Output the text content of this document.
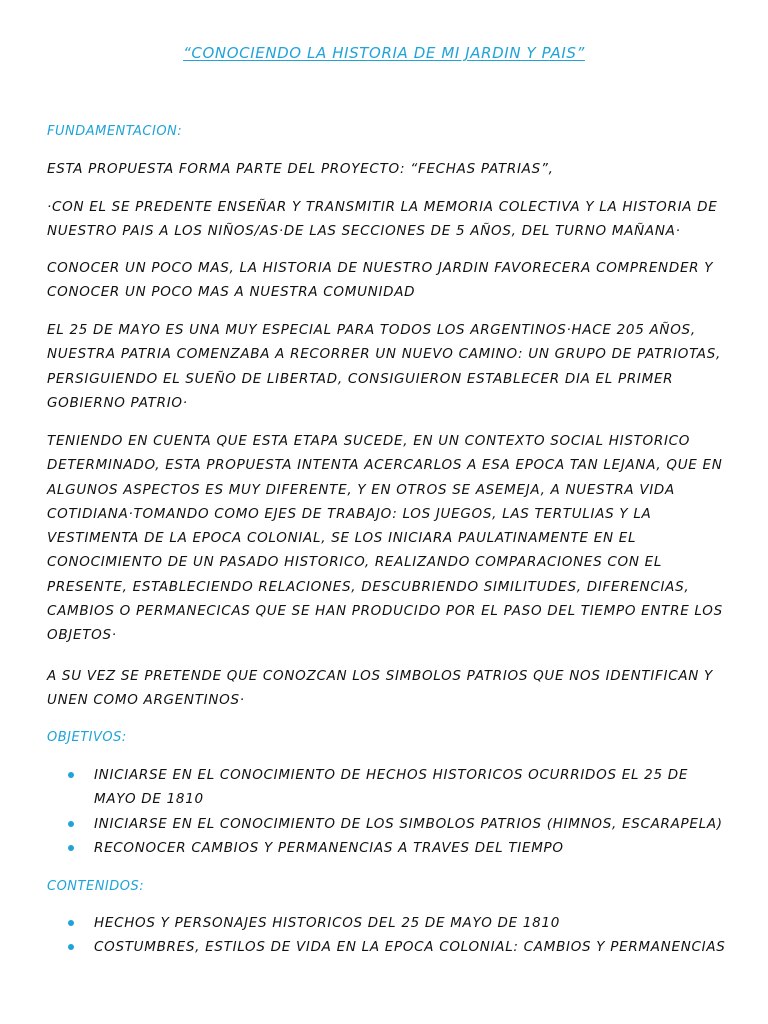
“CONOCIENDO LA HISTORIA DE MI JARDIN Y PAIS”
FUNDAMENTACION:
ESTA PROPUESTA FORMA PARTE DEL PROYECTO: “FECHAS PATRIAS”,
·CON EL SE PREDENTE ENSEÑAR Y TRANSMITIR LA MEMORIA COLECTIVA Y LA HISTORIA DE NUESTRO PAIS A LOS NIÑOS/AS·DE LAS SECCIONES DE 5 AÑOS, DEL TURNO MAÑANA·
CONOCER UN POCO MAS, LA HISTORIA DE NUESTRO JARDIN FAVORECERA COMPRENDER Y CONOCER UN POCO MAS A NUESTRA COMUNIDAD
EL 25 DE MAYO ES UNA MUY ESPECIAL PARA TODOS LOS ARGENTINOS·HACE 205 AÑOS, NUESTRA PATRIA COMENZABA A RECORRER UN NUEVO CAMINO: UN GRUPO DE PATRIOTAS, PERSIGUIENDO EL SUEÑO DE LIBERTAD, CONSIGUIERON ESTABLECER DIA EL PRIMER GOBIERNO PATRIO·
TENIENDO EN CUENTA QUE ESTA ETAPA SUCEDE, EN UN CONTEXTO SOCIAL HISTORICO DETERMINADO, ESTA PROPUESTA INTENTA ACERCARLOS A ESA EPOCA TAN LEJANA, QUE EN ALGUNOS ASPECTOS ES MUY DIFERENTE, Y EN OTROS SE ASEMEJA, A NUESTRA VIDA COTIDIANA·TOMANDO COMO EJES DE TRABAJO: LOS JUEGOS, LAS TERTULIAS Y LA VESTIMENTA DE LA EPOCA COLONIAL, SE LOS INICIARA PAULATINAMENTE EN EL CONOCIMIENTO DE UN PASADO HISTORICO, REALIZANDO COMPARACIONES CON EL PRESENTE, ESTABLECIENDO RELACIONES, DESCUBRIENDO SIMILITUDES, DIFERENCIAS, CAMBIOS O PERMANECICAS QUE SE HAN PRODUCIDO POR EL PASO DEL TIEMPO ENTRE LOS OBJETOS·
A SU VEZ SE PRETENDE QUE CONOZCAN LOS SIMBOLOS PATRIOS QUE NOS IDENTIFICAN Y UNEN COMO ARGENTINOS·
OBJETIVOS:
INICIARSE EN EL CONOCIMIENTO DE HECHOS HISTORICOS OCURRIDOS EL 25 DE MAYO DE 1810
INICIARSE EN EL CONOCIMIENTO DE LOS SIMBOLOS PATRIOS (HIMNOS, ESCARAPELA)
RECONOCER CAMBIOS Y PERMANENCIAS A TRAVES DEL TIEMPO
CONTENIDOS:
HECHOS Y PERSONAJES HISTORICOS DEL 25 DE MAYO DE 1810
COSTUMBRES, ESTILOS DE VIDA EN LA EPOCA COLONIAL: CAMBIOS Y PERMANENCIAS
